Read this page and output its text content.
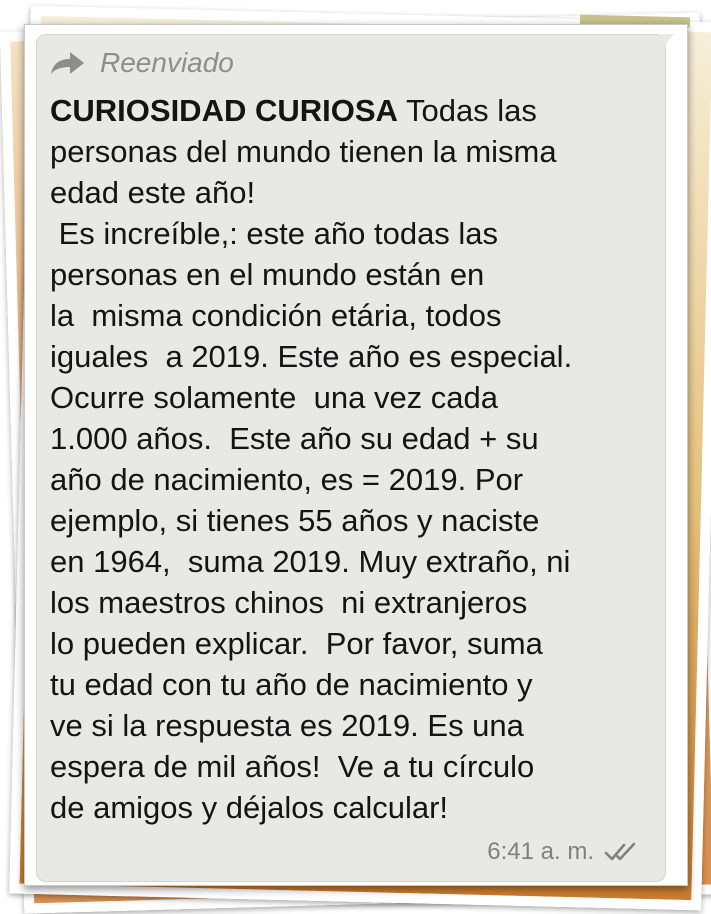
Reenviado
CURIOSIDAD CURIOSA Todas las
personas del mundo tienen la misma
edad este año!
Es increíble,: este año todas las
personas en el mundo están en
la  misma condición etária, todos
iguales  a 2019. Este año es especial.
Ocurre solamente  una vez cada
1.000 años.  Este año su edad + su
año de nacimiento, es = 2019. Por
ejemplo, si tienes 55 años y naciste
en 1964,  suma 2019. Muy extraño, ni
los maestros chinos  ni extranjeros
lo pueden explicar.  Por favor, suma
tu edad con tu año de nacimiento y
ve si la respuesta es 2019. Es una
espera de mil años!  Ve a tu círculo
de amigos y déjalos calcular!
6:41 a. m.
